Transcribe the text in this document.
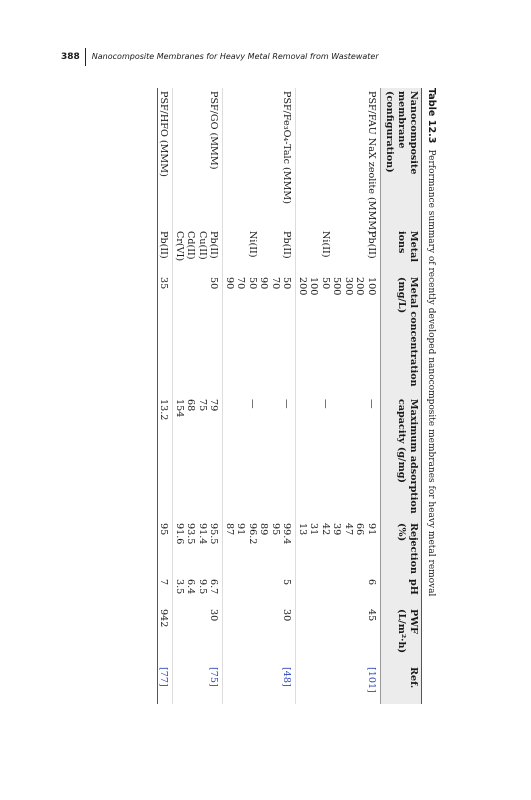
388	Nanocomposite Membranes for Heavy Metal Removal from Wastewater
Table 12.3 Performance summary of recently developed nanocomposite membranes for heavy metal removal
Nanocomposite membrane (configuration)	Metal ions	Metal concentration (mg/L)	Maximum adsorption capacity (g/mg)	Rejection (%)	pH	PWF (L/m²·h)	Ref.
PSF/FAU NaX zeolite (MMM)	Pb(II)	100	—	91	6	45	[101]
		200		66			
		300		47			
		500		39			
	Ni(II)	50	—	42			
		100		31			
		200		13			
PSF/Fe₃O₄-Talc (MMM)	Pb(II)	50	—	99.4	5	30	[48]
		70		95			
		90		89			
	Ni(II)	50	—	96.2			
		70		91			
		90		87			
PSF/GO (MMM)	Pb(II)	50	79	95.5	6.7	30	[75]
	Cu(II)		75	91.4	9.5		
	Cd(II)		68	93.5	6.4		
	Cr(VI)		154	91.6	3.5		
PSF/HFO (MMM)	Pb(II)	35	13.2	95	7	942	[77]
